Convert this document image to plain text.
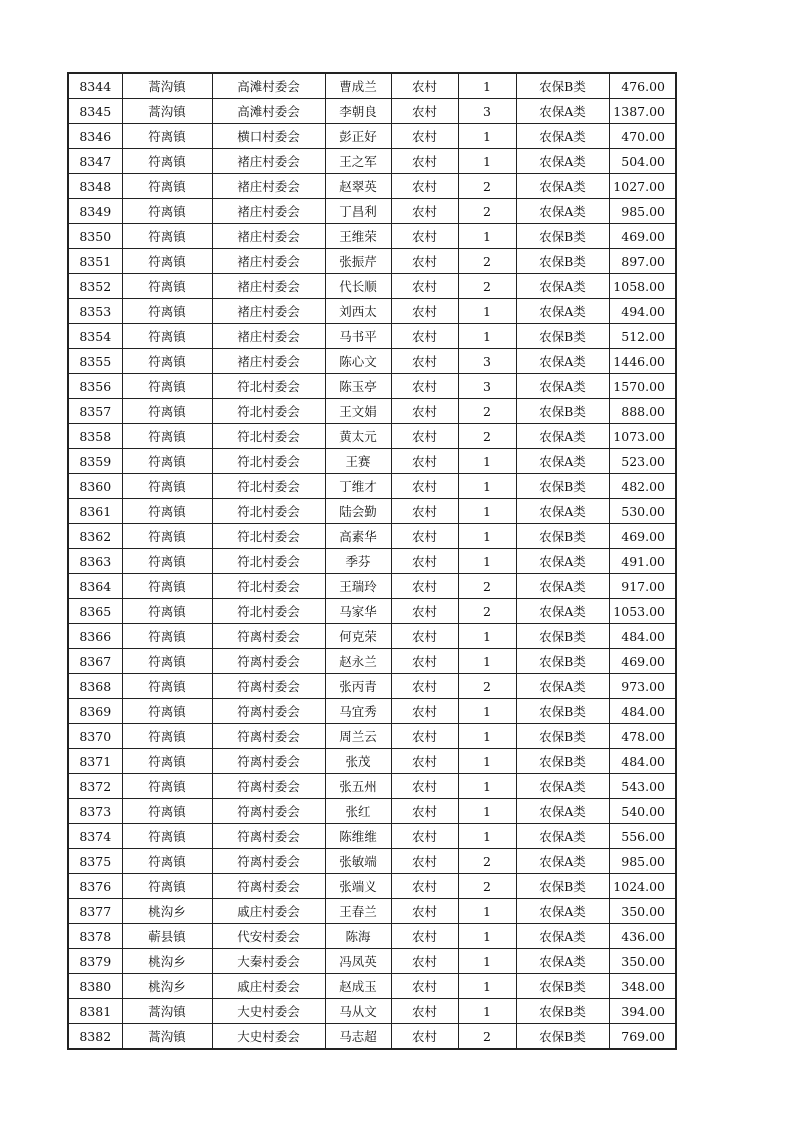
8344	蒿沟镇	高滩村委会	曹成兰	农村	1	农保B类	476.00
8345	蒿沟镇	高滩村委会	李朝良	农村	3	农保A类	1387.00
8346	符离镇	横口村委会	彭正好	农村	1	农保A类	470.00
8347	符离镇	褚庄村委会	王之军	农村	1	农保A类	504.00
8348	符离镇	褚庄村委会	赵翠英	农村	2	农保A类	1027.00
8349	符离镇	褚庄村委会	丁昌利	农村	2	农保A类	985.00
8350	符离镇	褚庄村委会	王维荣	农村	1	农保B类	469.00
8351	符离镇	褚庄村委会	张振芹	农村	2	农保B类	897.00
8352	符离镇	褚庄村委会	代长顺	农村	2	农保A类	1058.00
8353	符离镇	褚庄村委会	刘西太	农村	1	农保A类	494.00
8354	符离镇	褚庄村委会	马书平	农村	1	农保B类	512.00
8355	符离镇	褚庄村委会	陈心文	农村	3	农保A类	1446.00
8356	符离镇	符北村委会	陈玉亭	农村	3	农保A类	1570.00
8357	符离镇	符北村委会	王文娟	农村	2	农保B类	888.00
8358	符离镇	符北村委会	黄太元	农村	2	农保A类	1073.00
8359	符离镇	符北村委会	王赛	农村	1	农保A类	523.00
8360	符离镇	符北村委会	丁维才	农村	1	农保B类	482.00
8361	符离镇	符北村委会	陆会勤	农村	1	农保A类	530.00
8362	符离镇	符北村委会	高素华	农村	1	农保B类	469.00
8363	符离镇	符北村委会	季芬	农村	1	农保A类	491.00
8364	符离镇	符北村委会	王瑞玲	农村	2	农保A类	917.00
8365	符离镇	符北村委会	马家华	农村	2	农保A类	1053.00
8366	符离镇	符离村委会	何克荣	农村	1	农保B类	484.00
8367	符离镇	符离村委会	赵永兰	农村	1	农保B类	469.00
8368	符离镇	符离村委会	张丙青	农村	2	农保A类	973.00
8369	符离镇	符离村委会	马宜秀	农村	1	农保B类	484.00
8370	符离镇	符离村委会	周兰云	农村	1	农保B类	478.00
8371	符离镇	符离村委会	张茂	农村	1	农保B类	484.00
8372	符离镇	符离村委会	张五州	农村	1	农保A类	543.00
8373	符离镇	符离村委会	张红	农村	1	农保A类	540.00
8374	符离镇	符离村委会	陈维维	农村	1	农保A类	556.00
8375	符离镇	符离村委会	张敏端	农村	2	农保A类	985.00
8376	符离镇	符离村委会	张端义	农村	2	农保B类	1024.00
8377	桃沟乡	戚庄村委会	王春兰	农村	1	农保A类	350.00
8378	蕲县镇	代安村委会	陈海	农村	1	农保A类	436.00
8379	桃沟乡	大秦村委会	冯凤英	农村	1	农保A类	350.00
8380	桃沟乡	戚庄村委会	赵成玉	农村	1	农保B类	348.00
8381	蒿沟镇	大史村委会	马从文	农村	1	农保B类	394.00
8382	蒿沟镇	大史村委会	马志超	农村	2	农保B类	769.00
